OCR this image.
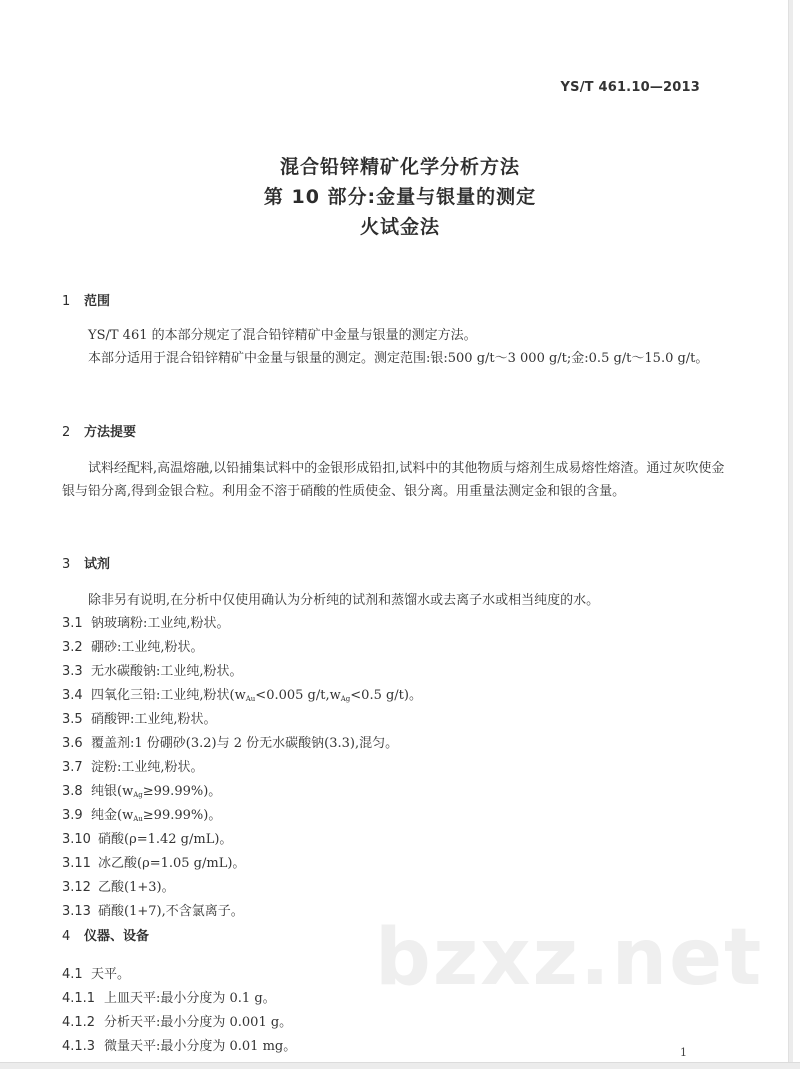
YS/T 461.10—2013
混合铅锌精矿化学分析方法
第 10 部分:金量与银量的测定
火试金法
1 范围
YS/T 461 的本部分规定了混合铅锌精矿中金量与银量的测定方法。
本部分适用于混合铅锌精矿中金量与银量的测定。测定范围:银:500 g/t～3 000 g/t;金:0.5 g/t～15.0 g/t。
2 方法提要
试料经配料,高温熔融,以铅捕集试料中的金银形成铅扣,试料中的其他物质与熔剂生成易熔性熔渣。通过灰吹使金银与铅分离,得到金银合粒。利用金不溶于硝酸的性质使金、银分离。用重量法测定金和银的含量。
3 试剂
除非另有说明,在分析中仅使用确认为分析纯的试剂和蒸馏水或去离子水或相当纯度的水。
3.1 钠玻璃粉:工业纯,粉状。
3.2 硼砂:工业纯,粉状。
3.3 无水碳酸钠:工业纯,粉状。
3.4 四氧化三铅:工业纯,粉状($w_{Au}<0.005$ $g/t,w_{Ag}<0.5$ g/t)。
3.5 硝酸钾:工业纯,粉状。
3.6 覆盖剂:1 份硼砂(3.2)与 2 份无水碳酸钠(3.3),混匀。
3.7 淀粉:工业纯,粉状。
3.8 纯银$(w_{Ag}\ge 99.99\%)$。
3.9 纯金$(w_{Au}\ge 99.99\%)$。
3.10 硝酸(ρ=1.42 g/mL)。
3.11 冰乙酸(ρ=1.05 g/mL)。
3.12 乙酸(1+3)。
3.13 硝酸(1+7),不含氯离子。
bzxz.net
4 仪器、设备
4.1 天平。
4.1.1 上皿天平:最小分度为 0.1 g。
4.1.2 分析天平:最小分度为 0.001 g。
4.1.3 微量天平:最小分度为 0.01 mg。	1
